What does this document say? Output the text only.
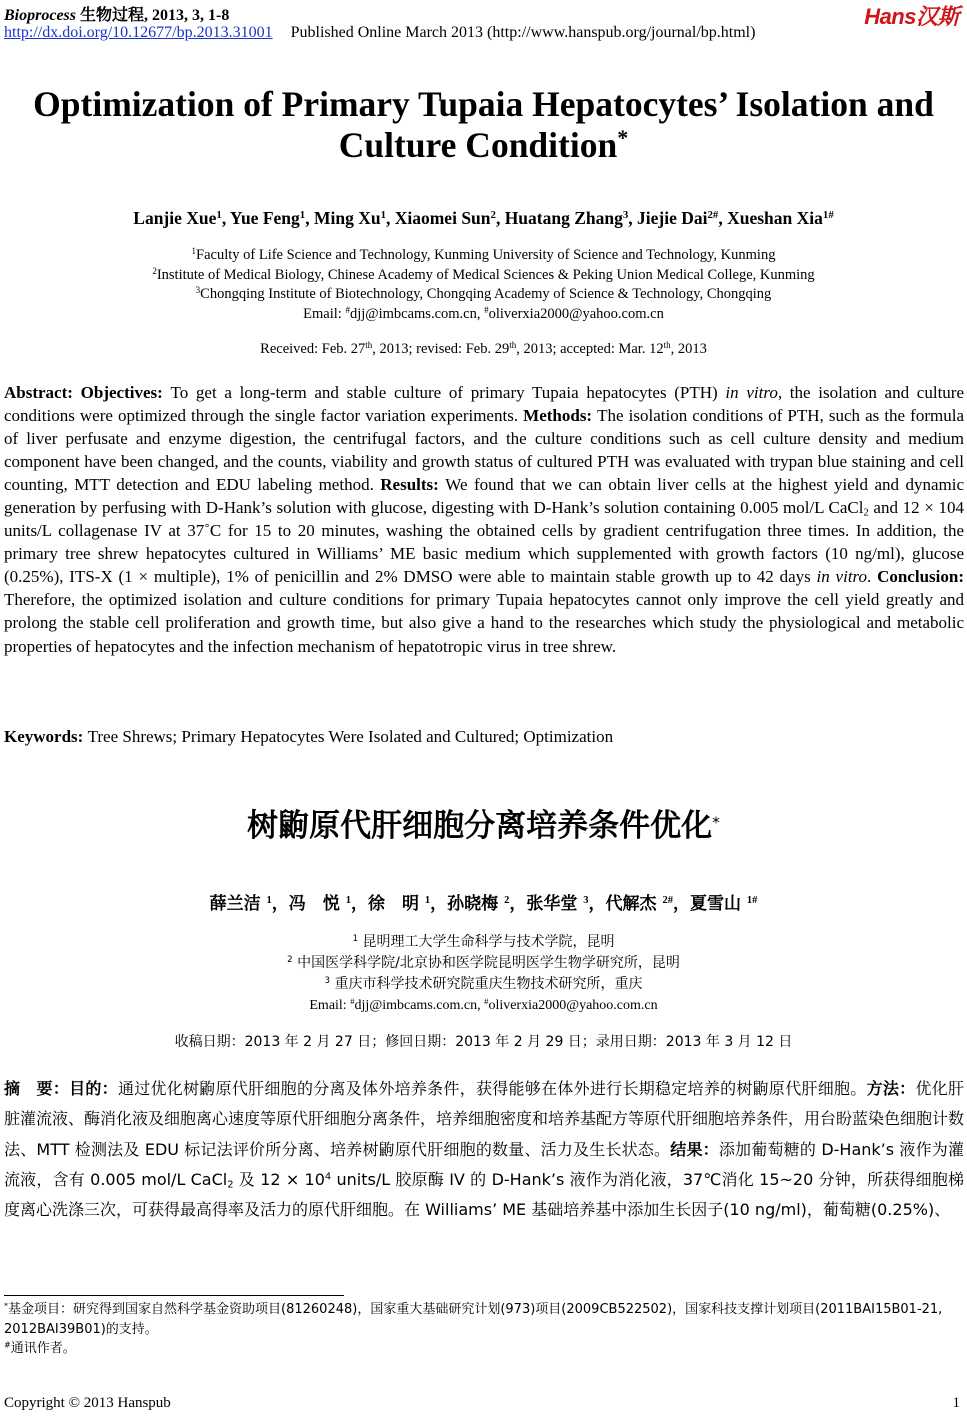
Bioprocess 生物过程, 2013, 3, 1-8
http://dx.doi.org/10.12677/bp.2013.31001 Published Online March 2013 (http://www.hanspub.org/journal/bp.html)
Hans汉斯
Optimization of Primary Tupaia Hepatocytes’ Isolation and
Culture Condition*
Lanjie Xue$^1$, Yue Feng$^1$, Ming Xu$^1$, Xiaomei Sun$^2$, Huatang Zhang$^3$, Jiejie Dai$^{2\#}$, Xueshan Xia$^{1\#}$
$^1$Faculty of Life Science and Technology, Kunming University of Science and Technology, Kunming
$^2$Institute of Medical Biology, Chinese Academy of Medical Sciences & Peking Union Medical College, Kunming
$^3$Chongqing Institute of Biotechnology, Chongqing Academy of Science & Technology, Chongqing
Email: #djj@imbcams.com.cn, #oliverxia2000@yahoo.com.cn
Received: Feb. 27th, 2013; revised: Feb. 29th, 2013; accepted: Mar. 12th, 2013
Abstract: Objectives: To get a long-term and stable culture of primary Tupaia hepatocytes (PTH) in vitro, the isolation and culture conditions were optimized through the single factor variation experiments. Methods: The isolation conditions of PTH, such as the formula of liver perfusate and enzyme digestion, the centrifugal factors, and the culture conditions such as cell culture density and medium component have been changed, and the counts, viability and growth status of cultured PTH was evaluated with trypan blue staining and cell counting, MTT detection and EDU labeling method. Results: We found that we can obtain liver cells at the highest yield and dynamic generation by perfusing with D-Hank’s solution with glucose, digesting with D-Hank’s solution containing 0.005 mol/L CaCl$_2$ and 12 × 104 units/L collagenase IV at 37˚C for 15 to 20 minutes, washing the obtained cells by gradient centrifugation three times. In addition, the primary tree shrew hepatocytes cultured in Williams’ ME basic medium which supplemented with growth factors (10 ng/ml), glucose (0.25%), ITS-X (1 × multiple), 1% of penicillin and 2% DMSO were able to maintain stable growth up to 42 days in vitro. Conclusion: Therefore, the optimized isolation and culture conditions for primary Tupaia hepatocytes cannot only improve the cell yield greatly and prolong the stable cell proliferation and growth time, but also give a hand to the researches which study the physiological and metabolic properties of hepatocytes and the infection mechanism of hepatotropic virus in tree shrew.
Keywords: Tree Shrews; Primary Hepatocytes Were Isolated and Cultured; Optimization
树鼩原代肝细胞分离培养条件优化*
薛兰洁 $^1$，冯　悦 $^1$，徐　明 $^1$，孙晓梅 $^2$，张华堂 $^3$，代解杰 $^{2\#}$，夏雪山 $^{1\#}$
$^1$ 昆明理工大学生命科学与技术学院，昆明
$^2$ 中国医学科学院/北京协和医学院昆明医学生物学研究所，昆明
$^3$ 重庆市科学技术研究院重庆生物技术研究所，重庆
Email: #djj@imbcams.com.cn, #oliverxia2000@yahoo.com.cn
收稿日期：2013 年 2 月 27 日；修回日期：2013 年 2 月 29 日；录用日期：2013 年 3 月 12 日
摘　要：目的：通过优化树鼩原代肝细胞的分离及体外培养条件，获得能够在体外进行长期稳定培养的树鼩原代肝细胞。方法：优化肝脏灌流液、酶消化液及细胞离心速度等原代肝细胞分离条件，培养细胞密度和培养基配方等原代肝细胞培养条件，用台盼蓝染色细胞计数法、MTT 检测法及 EDU 标记法评价所分离、培养树鼩原代肝细胞的数量、活力及生长状态。结果：添加葡萄糖的 D-Hank’s 液作为灌流液，含有 0.005 mol/L CaCl$_2$ 及 $12 \times 10^4$ units/L 胶原酶 IV 的 D-Hank’s 液作为消化液，37℃消化 15~20 分钟，所获得细胞梯度离心洗涤三次，可获得最高得率及活力的原代肝细胞。在 Williams’ ME 基础培养基中添加生长因子(10 ng/ml)，葡萄糖(0.25%)、
*基金项目：研究得到国家自然科学基金资助项目(81260248)，国家重大基础研究计划(973)项目(2009CB522502)，国家科技支撑计划项目(2011BAI15B01-21, 2012BAI39B01)的支持。
#通讯作者。
Copyright © 2013 Hanspub	1
